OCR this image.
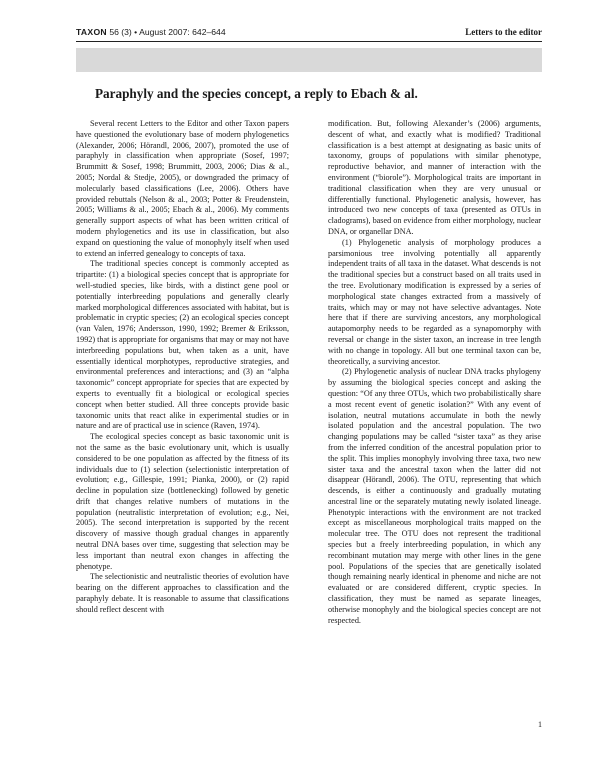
TAXON 56 (3) • August 2007: 642–644	Letters to the editor
Paraphyly and the species concept, a reply to Ebach & al.

Several recent Letters to the Editor and other Taxon papers have questioned the evolutionary base of modern phylogenetics (Alexander, 2006; Hörandl, 2006, 2007), promoted the use of paraphyly in classification when appropriate (Sosef, 1997; Brummitt & Sosef, 1998; Brummitt, 2003, 2006; Dias & al., 2005; Nordal & Stedje, 2005), or downgraded the primacy of molecularly based classifications (Lee, 2006). Others have provided rebuttals (Nelson & al., 2003; Potter & Freudenstein, 2005; Williams & al., 2005; Ebach & al., 2006). My comments generally support aspects of what has been written critical of modern phylogenetics and its use in classification, but also expand on questioning the value of monophyly itself when used to extend an inferred genealogy to concepts of taxa.

The traditional species concept is commonly accepted as tripartite: (1) a biological species concept that is appropriate for well-studied species, like birds, with a distinct gene pool or potentially interbreeding populations and generally clearly marked morphological differences associated with habitat, but is problematic in cryptic species; (2) an ecological species concept (van Valen, 1976; Andersson, 1990, 1992; Bremer & Eriksson, 1992) that is appropriate for organisms that may or may not have interbreeding populations but, when taken as a unit, have essentially identical morphotypes, reproductive strategies, and environmental preferences and interactions; and (3) an “alpha taxonomic” concept appropriate for species that are expected by experts to eventually fit a biological or ecological species concept when better studied. All three concepts provide basic taxonomic units that react alike in experimental studies or in nature and are of practical use in science (Raven, 1974).

The ecological species concept as basic taxonomic unit is not the same as the basic evolutionary unit, which is usually considered to be one population as affected by the fitness of its individuals due to (1) selection (selectionistic interpretation of evolution; e.g., Gillespie, 1991; Pianka, 2000), or (2) rapid decline in population size (bottlenecking) followed by genetic drift that changes relative numbers of mutations in the population (neutralistic interpretation of evolution; e.g., Nei, 2005). The second interpretation is supported by the recent discovery of massive though gradual changes in apparently neutral DNA bases over time, suggesting that selection may be less important than neutral exon changes in affecting the phenotype.

The selectionistic and neutralistic theories of evolution have bearing on the different approaches to classification and the paraphyly debate. It is reasonable to assume that classifications should reflect descent with

modification. But, following Alexander’s (2006) arguments, descent of what, and exactly what is modified? Traditional classification is a best attempt at designating as basic units of taxonomy, groups of populations with similar phenotype, reproductive behavior, and manner of interaction with the environment (“biorole”). Morphological traits are important in traditional classification when they are very unusual or differentially functional. Phylogenetic analysis, however, has introduced two new concepts of taxa (presented as OTUs in cladograms), based on evidence from either morphology, nuclear DNA, or organellar DNA.

(1) Phylogenetic analysis of morphology produces a parsimonious tree involving potentially all apparently independent traits of all taxa in the dataset. What descends is not the traditional species but a construct based on all traits used in the tree. Evolutionary modification is expressed by a series of morphological state changes extracted from a massively of traits, which may or may not have selective advantages. Note here that if there are surviving ancestors, any morphological autapomorphy needs to be regarded as a synapomorphy with reversal or change in the sister taxon, an increase in tree length with no change in topology. All but one terminal taxon can be, theoretically, a surviving ancestor.

(2) Phylogenetic analysis of nuclear DNA tracks phylogeny by assuming the biological species concept and asking the question: “Of any three OTUs, which two probabilistically share a most recent event of genetic isolation?” With any event of isolation, neutral mutations accumulate in both the newly isolated population and the ancestral population. The two changing populations may be called “sister taxa” as they arise from the inferred condition of the ancestral population prior to the split. This implies monophyly involving three taxa, two new sister taxa and the ancestral taxon when the latter did not disappear (Hörandl, 2006). The OTU, representing that which descends, is either a continuously and gradually mutating ancestral line or the separately mutating newly isolated lineage. Phenotypic interactions with the environment are not tracked except as miscellaneous morphological traits mapped on the molecular tree. The OTU does not represent the traditional species but a freely interbreeding population, in which any recombinant mutation may merge with other lines in the gene pool. Populations of the species that are genetically isolated though remaining nearly identical in phenome and niche are not evaluated or are considered different, cryptic species. In classification, they must be named as separate lineages, otherwise monophyly and the biological species concept are not respected.

1
